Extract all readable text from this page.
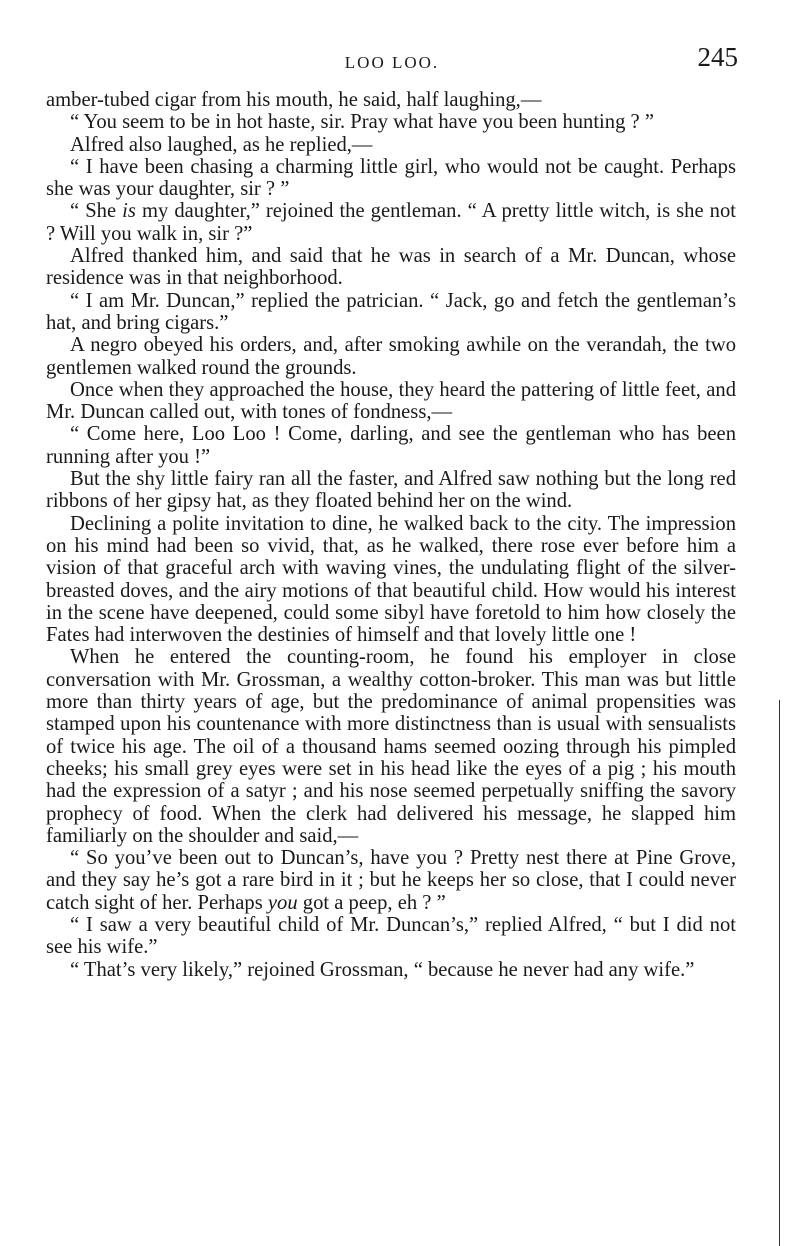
LOO LOO.	245

amber-tubed cigar from his mouth, he said, half laughing,—

“ You seem to be in hot haste, sir. Pray what have you been hunting ? ”

Alfred also laughed, as he replied,—

“ I have been chasing a charming little girl, who would not be caught. Perhaps she was your daughter, sir ? ”

“ She is my daughter,” rejoined the gentleman. “ A pretty little witch, is she not ? Will you walk in, sir ?”

Alfred thanked him, and said that he was in search of a Mr. Duncan, whose residence was in that neighborhood.

“ I am Mr. Duncan,” replied the patrician. “ Jack, go and fetch the gentleman’s hat, and bring cigars.”

A negro obeyed his orders, and, after smoking awhile on the verandah, the two gentlemen walked round the grounds.

Once when they approached the house, they heard the pattering of little feet, and Mr. Duncan called out, with tones of fondness,—

“ Come here, Loo Loo ! Come, darling, and see the gentleman who has been running after you !”

But the shy little fairy ran all the faster, and Alfred saw nothing but the long red ribbons of her gipsy hat, as they floated behind her on the wind.

Declining a polite invitation to dine, he walked back to the city. The impression on his mind had been so vivid, that, as he walked, there rose ever before him a vision of that graceful arch with waving vines, the undulating flight of the silver-breasted doves, and the airy motions of that beautiful child. How would his interest in the scene have deepened, could some sibyl have foretold to him how closely the Fates had interwoven the destinies of himself and that lovely little one !

When he entered the counting-room, he found his employer in close conversation with Mr. Grossman, a wealthy cotton-broker. This man was but little more than thirty years of age, but the predominance of animal propensities was stamped upon his countenance with more distinctness than is usual with sensualists of twice his age. The oil of a thousand hams seemed oozing through his pimpled cheeks; his small grey eyes were set in his head like the eyes of a pig ; his mouth had the expression of a satyr ; and his nose seemed perpetually sniffing the savory prophecy of food. When the clerk had delivered his message, he slapped him familiarly on the shoulder and said,—

“ So you’ve been out to Duncan’s, have you ? Pretty nest there at Pine Grove, and they say he’s got a rare bird in it ; but he keeps her so close, that I could never catch sight of her. Perhaps you got a peep, eh ? ”

“ I saw a very beautiful child of Mr. Duncan’s,” replied Alfred, “ but I did not see his wife.”

“ That’s very likely,” rejoined Grossman, “ because he never had any wife.”
